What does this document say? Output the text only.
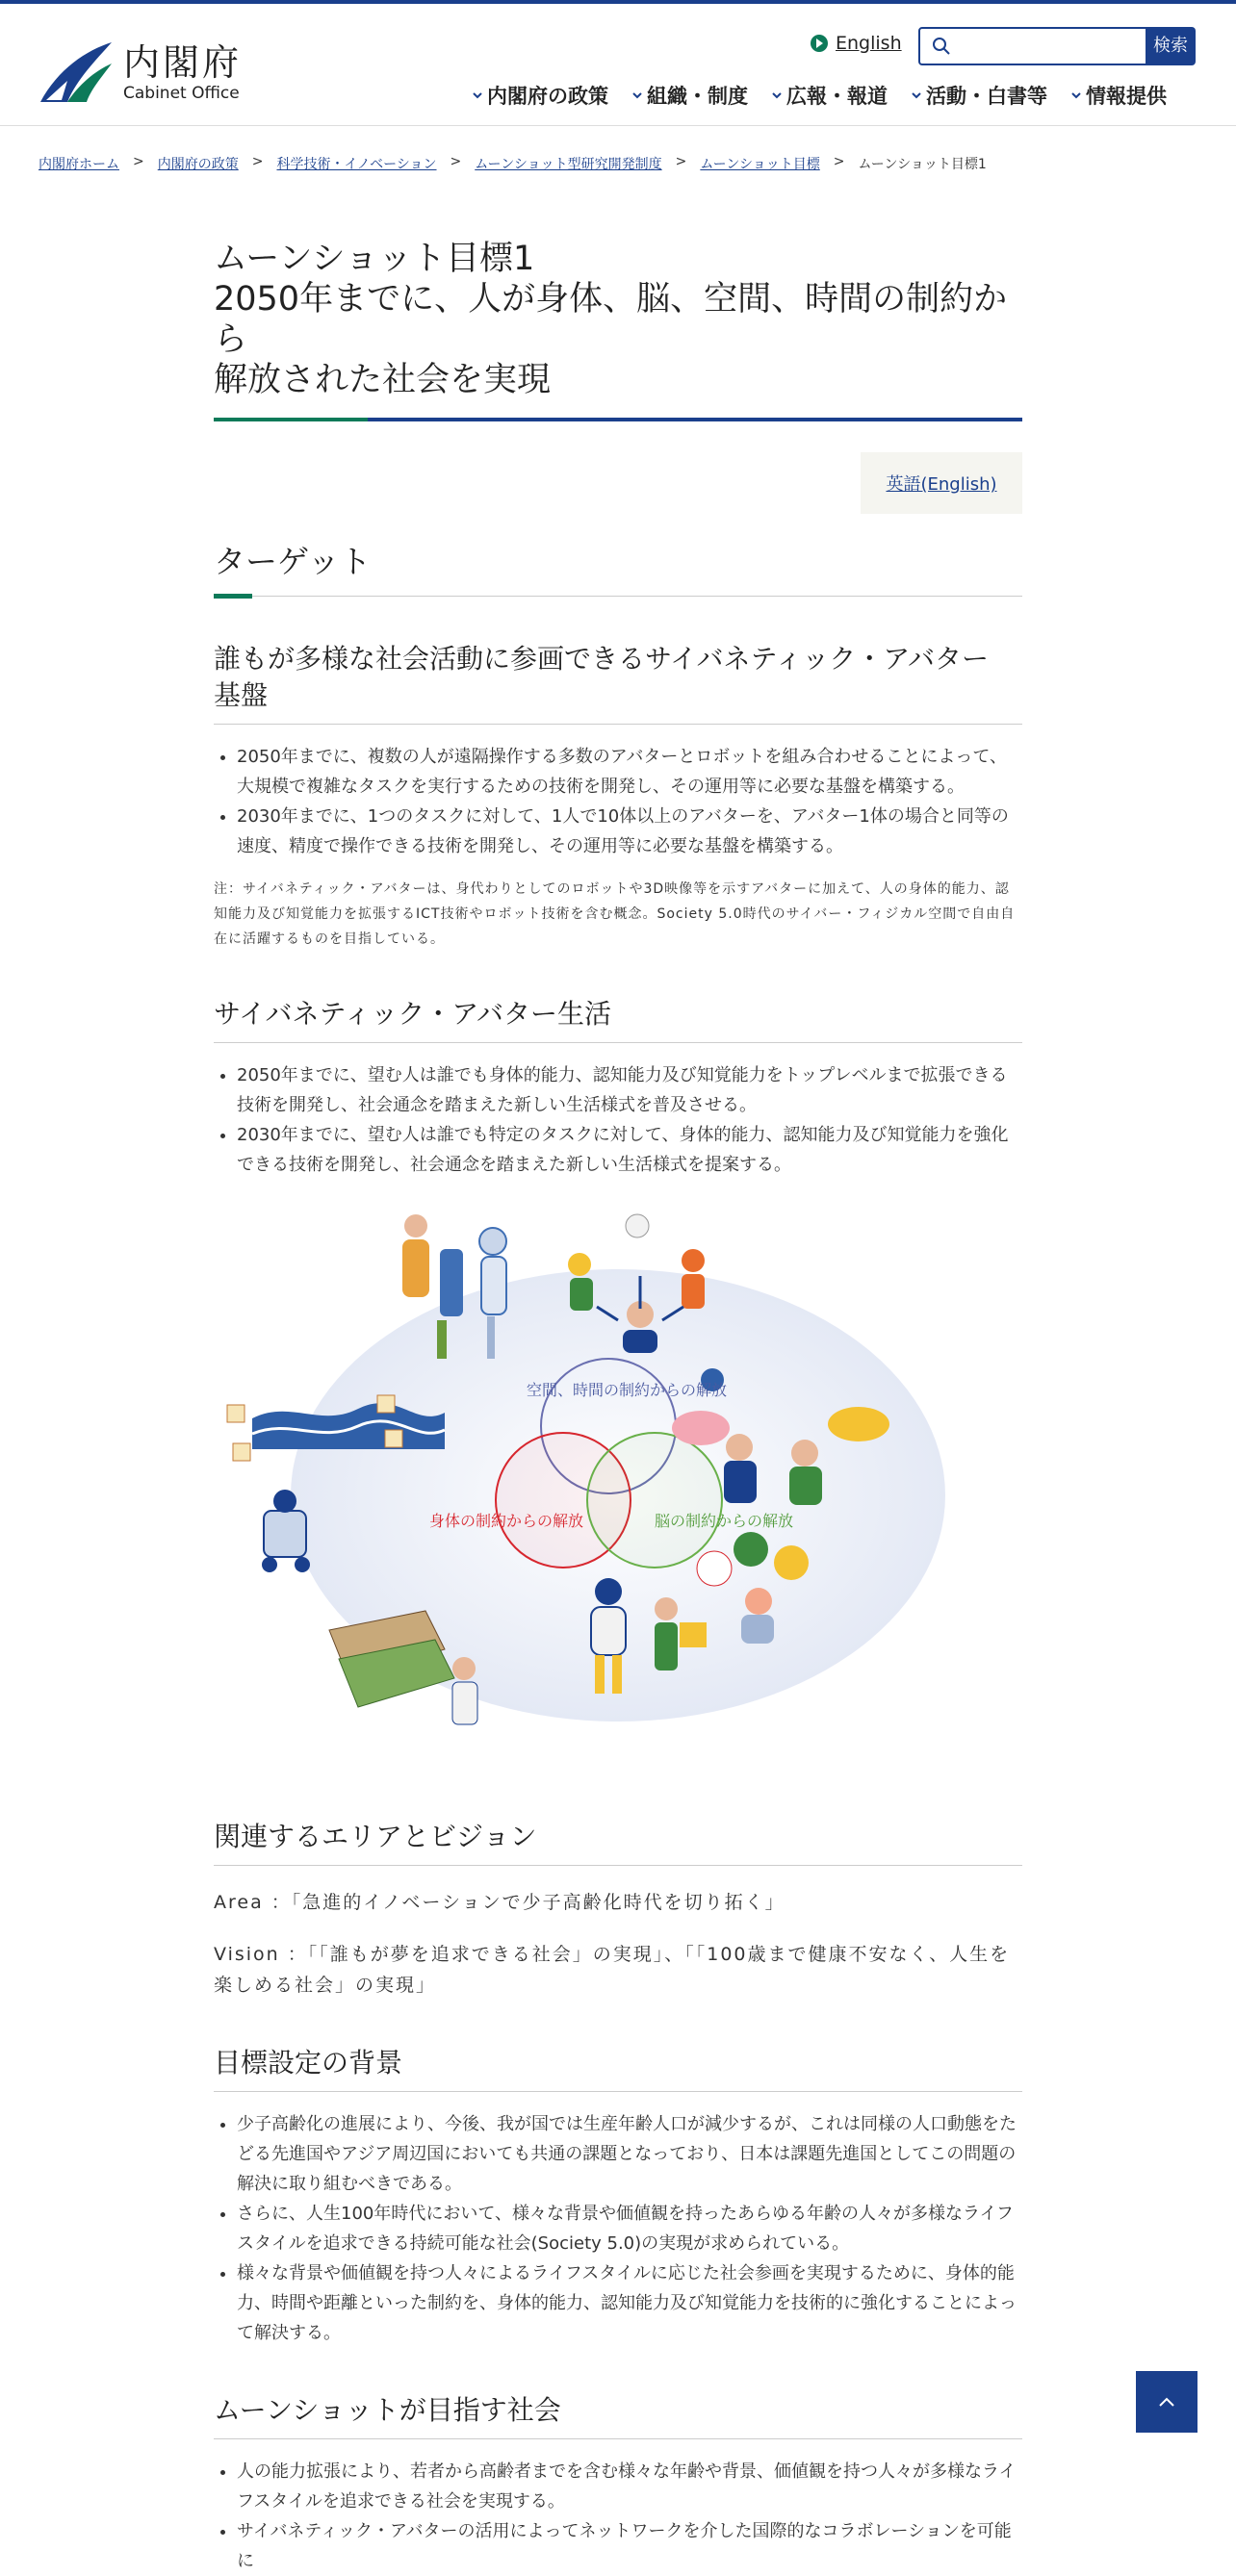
内閣府
Cabinet Office
English	検索
内閣府の政策 組織・制度 広報・報道 活動・白書等 情報提供
内閣府ホーム > 内閣府の政策 > 科学技術・イノベーション > ムーンショット型研究開発制度 > ムーンショット目標 > ムーンショット目標1
ムーンショット目標1
2050年までに、人が身体、脳、空間、時間の制約から
解放された社会を実現
英語(English)
ターゲット
誰もが多様な社会活動に参画できるサイバネティック・アバター 基盤
• 2050年までに、複数の人が遠隔操作する多数のアバターとロボットを組み合わせることによって、大規模で複雑なタスクを実行するための技術を開発し、その運用等に必要な基盤を構築する。
• 2030年までに、1つのタスクに対して、1人で10体以上のアバターを、アバター1体の場合と同等の速度、精度で操作できる技術を開発し、その運用等に必要な基盤を構築する。
注：サイバネティック・アバターは、身代わりとしてのロボットや3D映像等を示すアバターに加えて、人の身体的能力、認知能力及び知覚能力を拡張するICT技術やロボット技術を含む概念。Society 5.0時代のサイバー・フィジカル空間で自由自在に活躍するものを目指している。
サイバネティック・アバター生活
• 2050年までに、望む人は誰でも身体的能力、認知能力及び知覚能力をトップレベルまで拡張できる技術を開発し、社会通念を踏まえた新しい生活様式を普及させる。
• 2030年までに、望む人は誰でも特定のタスクに対して、身体的能力、認知能力及び知覚能力を強化できる技術を開発し、社会通念を踏まえた新しい生活様式を提案する。
空間、時間の制約からの解放
身体の制約からの解放	脳の制約からの解放
関連するエリアとビジョン
Area ：「急進的イノベーションで少子高齢化時代を切り拓く」
Vision ：「「誰もが夢を追求できる社会」の実現」、「「100歳まで健康不安なく、人生を楽しめる社会」の実現」
目標設定の背景
• 少子高齢化の進展により、今後、我が国では生産年齢人口が減少するが、これは同様の人口動態をたどる先進国やアジア周辺国においても共通の課題となっており、日本は課題先進国としてこの問題の解決に取り組むべきである。
• さらに、人生100年時代において、様々な背景や価値観を持ったあらゆる年齢の人々が多様なライフスタイルを追求できる持続可能な社会(Society 5.0)の実現が求められている。
• 様々な背景や価値観を持つ人々によるライフスタイルに応じた社会参画を実現するために、身体的能力、時間や距離といった制約を、身体的能力、認知能力及び知覚能力を技術的に強化することによって解決する。
ムーンショットが目指す社会
• 人の能力拡張により、若者から高齢者までを含む様々な年齢や背景、価値観を持つ人々が多様なライフスタイルを追求できる社会を実現する。
• サイバネティック・アバターの活用によってネットワークを介した国際的なコラボレーションを可能に
